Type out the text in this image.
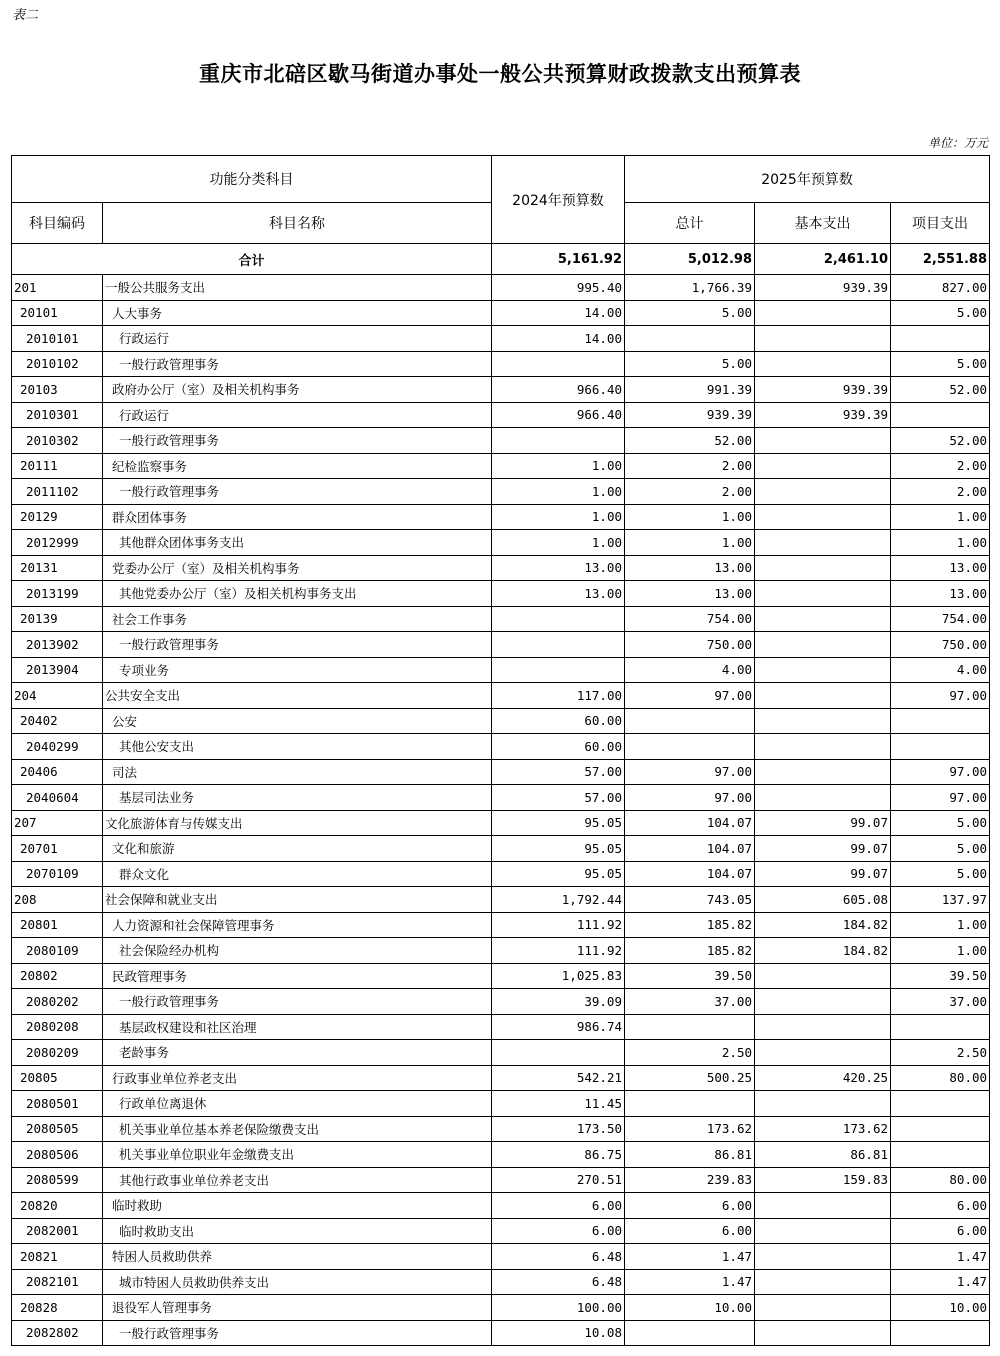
表二
重庆市北碚区歇马街道办事处一般公共预算财政拨款支出预算表
单位：万元
功能分类科目		2024年预算数	2025年预算数		
科目编码	科目名称		总计	基本支出	项目支出
合计		5,161.92	5,012.98	2,461.10	2,551.88
201	一般公共服务支出	995.40	1,766.39	939.39	827.00
20101	人大事务	14.00	5.00		5.00
2010101	行政运行	14.00			
2010102	一般行政管理事务		5.00		5.00
20103	政府办公厅（室）及相关机构事务	966.40	991.39	939.39	52.00
2010301	行政运行	966.40	939.39	939.39	
2010302	一般行政管理事务		52.00		52.00
20111	纪检监察事务	1.00	2.00		2.00
2011102	一般行政管理事务	1.00	2.00		2.00
20129	群众团体事务	1.00	1.00		1.00
2012999	其他群众团体事务支出	1.00	1.00		1.00
20131	党委办公厅（室）及相关机构事务	13.00	13.00		13.00
2013199	其他党委办公厅（室）及相关机构事务支出	13.00	13.00		13.00
20139	社会工作事务		754.00		754.00
2013902	一般行政管理事务		750.00		750.00
2013904	专项业务		4.00		4.00
204	公共安全支出	117.00	97.00		97.00
20402	公安	60.00			
2040299	其他公安支出	60.00			
20406	司法	57.00	97.00		97.00
2040604	基层司法业务	57.00	97.00		97.00
207	文化旅游体育与传媒支出	95.05	104.07	99.07	5.00
20701	文化和旅游	95.05	104.07	99.07	5.00
2070109	群众文化	95.05	104.07	99.07	5.00
208	社会保障和就业支出	1,792.44	743.05	605.08	137.97
20801	人力资源和社会保障管理事务	111.92	185.82	184.82	1.00
2080109	社会保险经办机构	111.92	185.82	184.82	1.00
20802	民政管理事务	1,025.83	39.50		39.50
2080202	一般行政管理事务	39.09	37.00		37.00
2080208	基层政权建设和社区治理	986.74			
2080209	老龄事务		2.50		2.50
20805	行政事业单位养老支出	542.21	500.25	420.25	80.00
2080501	行政单位离退休	11.45			
2080505	机关事业单位基本养老保险缴费支出	173.50	173.62	173.62	
2080506	机关事业单位职业年金缴费支出	86.75	86.81	86.81	
2080599	其他行政事业单位养老支出	270.51	239.83	159.83	80.00
20820	临时救助	6.00	6.00		6.00
2082001	临时救助支出	6.00	6.00		6.00
20821	特困人员救助供养	6.48	1.47		1.47
2082101	城市特困人员救助供养支出	6.48	1.47		1.47
20828	退役军人管理事务	100.00	10.00		10.00
2082802	一般行政管理事务	10.08			
